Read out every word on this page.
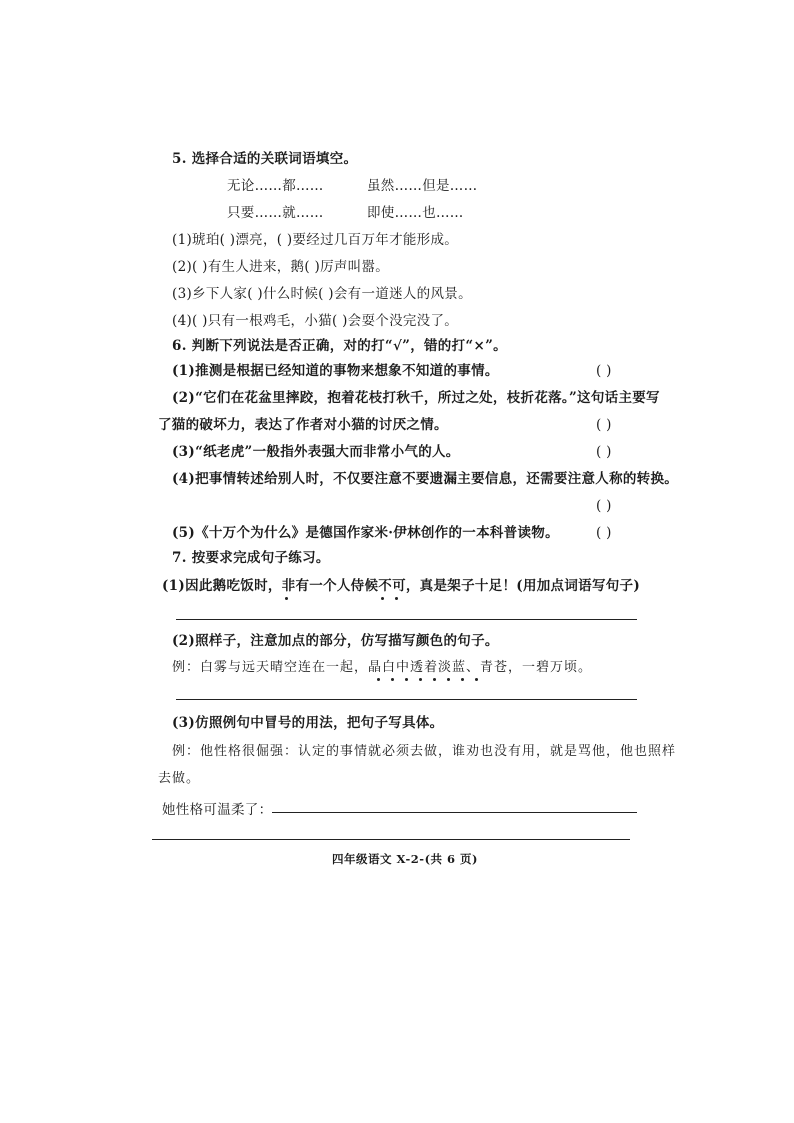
5. 选择合适的关联词语填空。
无论……都……	虽然……但是……
只要……就……	即使……也……
(1)琥珀( )漂亮，( )要经过几百万年才能形成。
(2)( )有生人进来，鹅( )厉声叫嚣。
(3)乡下人家( )什么时候( )会有一道迷人的风景。
(4)( )只有一根鸡毛，小猫( )会耍个没完没了。
6. 判断下列说法是否正确，对的打“√”，错的打“×”。
(1)推测是根据已经知道的事物来想象不知道的事情。	( )
(2)“它们在花盆里摔跤，抱着花枝打秋千，所过之处，枝折花落。”这句话主要写
了猫的破坏力，表达了作者对小猫的讨厌之情。	( )
(3)“纸老虎”一般指外表强大而非常小气的人。	( )
(4)把事情转述给别人时，不仅要注意不要遗漏主要信息，还需要注意人称的转换。
( )
(5)《十万个为什么》是德国作家米·伊林创作的一本科普读物。	( )
7. 按要求完成句子练习。
(1)因此鹅吃饭时，非有一个人侍候不可，真是架子十足！(用加点词语写句子)
(2)照样子，注意加点的部分，仿写描写颜色的句子。
例：白雾与远天晴空连在一起，晶白中透着淡蓝、青苍，一碧万顷。
(3)仿照例句中冒号的用法，把句子写具体。
例：他性格很倔强：认定的事情就必须去做，谁劝也没有用，就是骂他，他也照样
去做。
她性格可温柔了：
四年级语文 X-2-(共 6 页)
